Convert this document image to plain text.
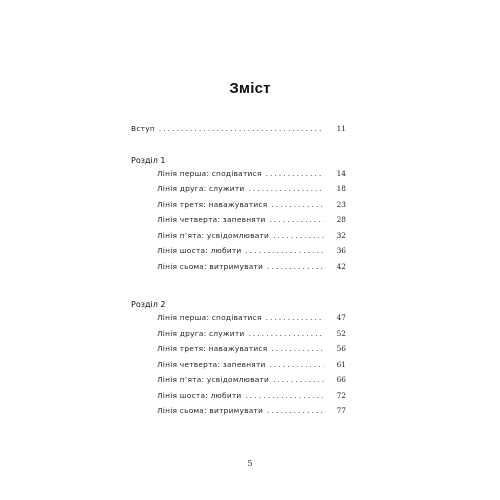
Зміст
Вступ . . .	11
Розділ 1
Лінія перша: сподіватися . . .	14
Лінія друга: служити . . .	18
Лінія третя: наважуватися . . .	23
Лінія четверта: запевняти . . .	28
Лінія п’ята: усвідомлювати . . .	32
Лінія шоста: любити . . .	36
Лінія сьома: витримувати . . .	42
Розділ 2
Лінія перша: сподіватися . . .	47
Лінія друга: служити . . .	52
Лінія третя: наважуватися . . .	56
Лінія четверта: запевняти . . .	61
Лінія п’ята: усвідомлювати . . .	66
Лінія шоста: любити . . .	72
Лінія сьома: витримувати . . .	77
5
